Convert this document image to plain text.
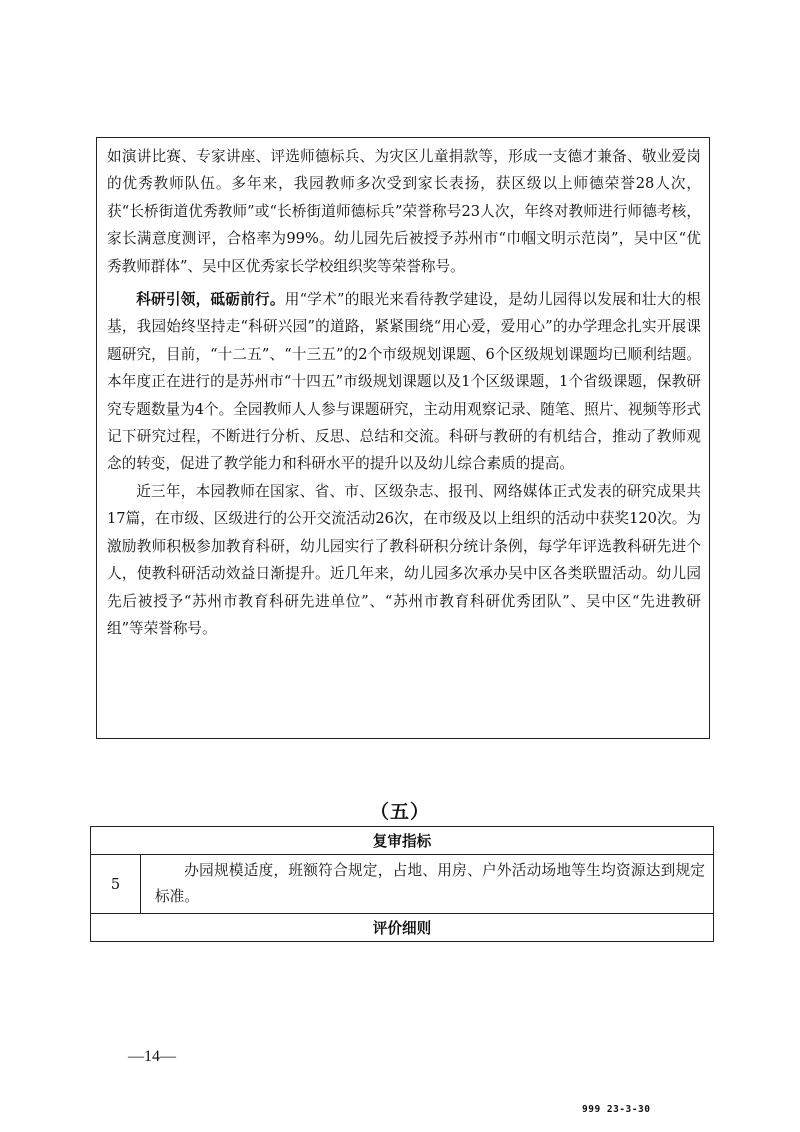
如演讲比赛、专家讲座、评选师德标兵、为灾区儿童捐款等，形成一支德才兼备、敬业爱岗的优秀教师队伍。多年来，我园教师多次受到家长表扬，获区级以上师德荣誉28人次，获“长桥街道优秀教师”或“长桥街道师德标兵”荣誉称号23人次，年终对教师进行师德考核，家长满意度测评，合格率为99%。幼儿园先后被授予苏州市“巾帼文明示范岗”，吴中区“优秀教师群体”、吴中区优秀家长学校组织奖等荣誉称号。

科研引领，砥砺前行。用“学术”的眼光来看待教学建设，是幼儿园得以发展和壮大的根基，我园始终坚持走“科研兴园”的道路，紧紧围绕“用心爱，爱用心”的办学理念扎实开展课题研究，目前，“十二五”、“十三五”的2个市级规划课题、6个区级规划课题均已顺利结题。本年度正在进行的是苏州市“十四五”市级规划课题以及1个区级课题，1个省级课题，保教研究专题数量为4个。全园教师人人参与课题研究，主动用观察记录、随笔、照片、视频等形式记下研究过程，不断进行分析、反思、总结和交流。科研与教研的有机结合，推动了教师观念的转变，促进了教学能力和科研水平的提升以及幼儿综合素质的提高。

近三年，本园教师在国家、省、市、区级杂志、报刊、网络媒体正式发表的研究成果共17篇，在市级、区级进行的公开交流活动26次，在市级及以上组织的活动中获奖120次。为激励教师积极参加教育科研，幼儿园实行了教科研积分统计条例，每学年评选教科研先进个人，使教科研活动效益日渐提升。近几年来，幼儿园多次承办吴中区各类联盟活动。幼儿园先后被授予“苏州市教育科研先进单位”、“苏州市教育科研优秀团队”、吴中区“先进教研组”等荣誉称号。

（五）
复审指标
5	办园规模适度，班额符合规定，占地、用房、户外活动场地等生均资源达到规定标准。
评价细则
—14—
999 23-3-30
